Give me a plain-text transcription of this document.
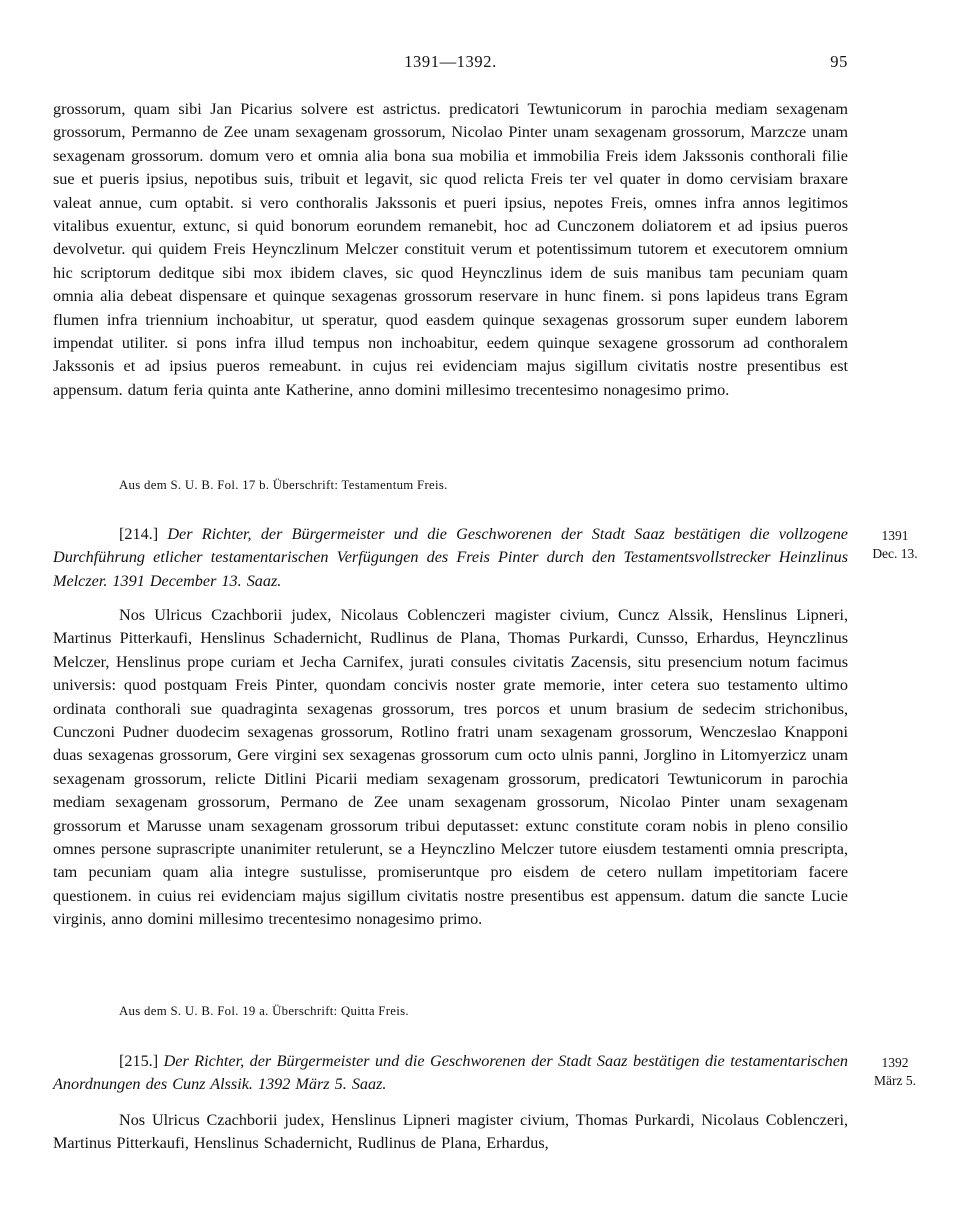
1391—1392.	95

grossorum, quam sibi Jan Picarius solvere est astrictus. predicatori Tewtunicorum in parochia mediam sexagenam grossorum, Permanno de Zee unam sexagenam grossorum, Nicolao Pinter unam sexagenam grossorum, Marzcze unam sexagenam grossorum. domum vero et omnia alia bona sua mobilia et immobilia Freis idem Jakssonis conthorali filie sue et pueris ipsius, nepotibus suis, tribuit et legavit, sic quod relicta Freis ter vel quater in domo cervisiam braxare valeat annue, cum optabit. si vero conthoralis Jakssonis et pueri ipsius, nepotes Freis, omnes infra annos legitimos vitalibus exuentur, extunc, si quid bonorum eorundem remanebit, hoc ad Cunczonem doliatorem et ad ipsius pueros devolvetur. qui quidem Freis Heynczlinum Melczer constituit verum et potentissimum tutorem et executorem omnium hic scriptorum deditque sibi mox ibidem claves, sic quod Heynczlinus idem de suis manibus tam pecuniam quam omnia alia debeat dispensare et quinque sexagenas grossorum reservare in hunc finem. si pons lapideus trans Egram flumen infra triennium inchoabitur, ut speratur, quod easdem quinque sexagenas grossorum super eundem laborem impendat utiliter. si pons infra illud tempus non inchoabitur, eedem quinque sexagene grossorum ad conthoralem Jakssonis et ad ipsius pueros remeabunt. in cujus rei evidenciam majus sigillum civitatis nostre presentibus est appensum. datum feria quinta ante Katherine, anno domini millesimo trecentesimo nonagesimo primo.

Aus dem S. U. B. Fol. 17 b. Überschrift: Testamentum Freis.

[214.] Der Richter, der Bürgermeister und die Geschworenen der Stadt Saaz bestätigen die vollzogene Durchführung etlicher testamentarischen Verfügungen des Freis Pinter durch den Testamentsvollstrecker Heinzlinus Melczer. 1391 December 13. Saaz.

1391
Dec. 13.

Nos Ulricus Czachborii judex, Nicolaus Coblenczeri magister civium, Cuncz Alssik, Henslinus Lipneri, Martinus Pitterkaufi, Henslinus Schadernicht, Rudlinus de Plana, Thomas Purkardi, Cunsso, Erhardus, Heynczlinus Melczer, Henslinus prope curiam et Jecha Carnifex, jurati consules civitatis Zacensis, situ presencium notum facimus universis: quod postquam Freis Pinter, quondam concivis noster grate memorie, inter cetera suo testamento ultimo ordinata conthorali sue quadraginta sexagenas grossorum, tres porcos et unum brasium de sedecim strichonibus, Cunczoni Pudner duodecim sexagenas grossorum, Rotlino fratri unam sexagenam grossorum, Wenczeslao Knapponi duas sexagenas grossorum, Gere virgini sex sexagenas grossorum cum octo ulnis panni, Jorglino in Litomyerzicz unam sexagenam grossorum, relicte Ditlini Picarii mediam sexagenam grossorum, predicatori Tewtunicorum in parochia mediam sexagenam grossorum, Permano de Zee unam sexagenam grossorum, Nicolao Pinter unam sexagenam grossorum et Marusse unam sexagenam grossorum tribui deputasset: extunc constitute coram nobis in pleno consilio omnes persone suprascripte unanimiter retulerunt, se a Heynczlino Melczer tutore eiusdem testamenti omnia prescripta, tam pecuniam quam alia integre sustulisse, promiseruntque pro eisdem de cetero nullam impetitoriam facere questionem. in cuius rei evidenciam majus sigillum civitatis nostre presentibus est appensum. datum die sancte Lucie virginis, anno domini millesimo trecentesimo nonagesimo primo.

Aus dem S. U. B. Fol. 19 a. Überschrift: Quitta Freis.

[215.] Der Richter, der Bürgermeister und die Geschworenen der Stadt Saaz bestätigen die testamentarischen Anordnungen des Cunz Alssik. 1392 März 5. Saaz.

1392
März 5.

Nos Ulricus Czachborii judex, Henslinus Lipneri magister civium, Thomas Purkardi, Nicolaus Coblenczeri, Martinus Pitterkaufi, Henslinus Schadernicht, Rudlinus de Plana, Erhardus,
